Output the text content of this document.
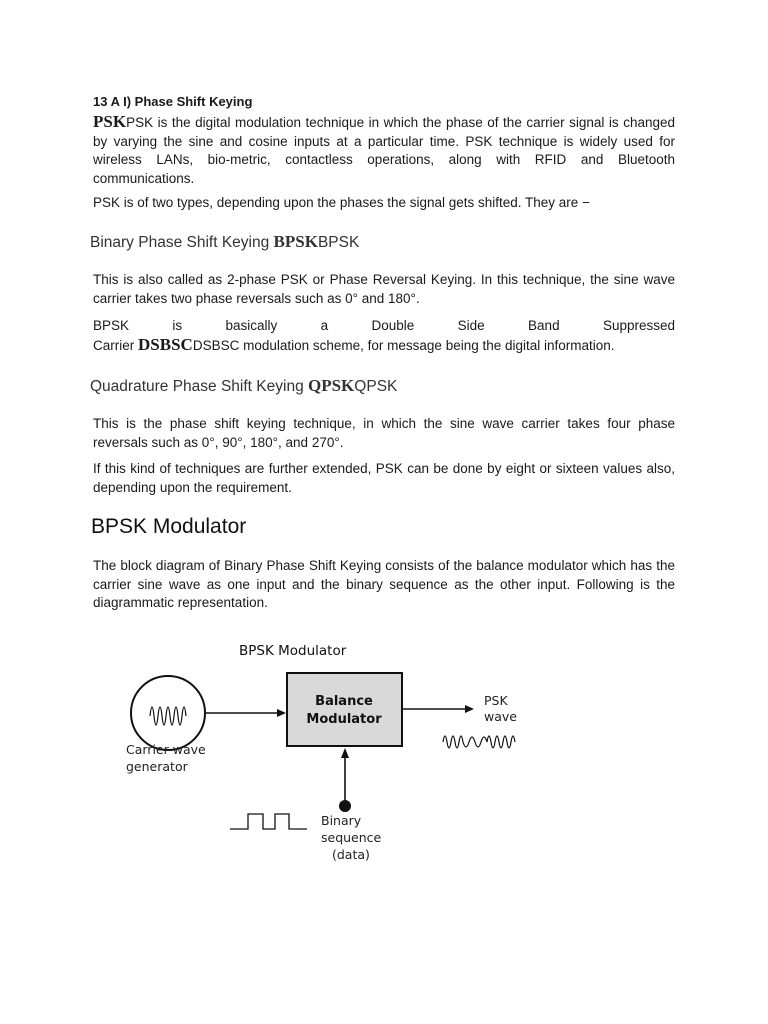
13 A I) Phase Shift Keying

PSKPSK is the digital modulation technique in which the phase of the carrier signal is changed by varying the sine and cosine inputs at a particular time. PSK technique is widely used for wireless LANs, bio-metric, contactless operations, along with RFID and Bluetooth communications.

PSK is of two types, depending upon the phases the signal gets shifted. They are −

Binary Phase Shift Keying BPSKBPSK

This is also called as 2-phase PSK or Phase Reversal Keying. In this technique, the sine wave carrier takes two phase reversals such as 0° and 180°.

BPSK	is	basically	a	Double	Side	Band	Suppressed
Carrier DSBSCDSBSC modulation scheme, for message being the digital information.
Quadrature Phase Shift Keying QPSKQPSK

This is the phase shift keying technique, in which the sine wave carrier takes four phase reversals such as 0°, 90°, 180°, and 270°.

If this kind of techniques are further extended, PSK can be done by eight or sixteen values also, depending upon the requirement.

BPSK Modulator

The block diagram of Binary Phase Shift Keying consists of the balance modulator which has the carrier sine wave as one input and the binary sequence as the other input. Following is the diagrammatic representation.

BPSK Modulator
Carrier wave
generator
Balance
Modulator
PSK
wave
Binary
sequence
(data)
